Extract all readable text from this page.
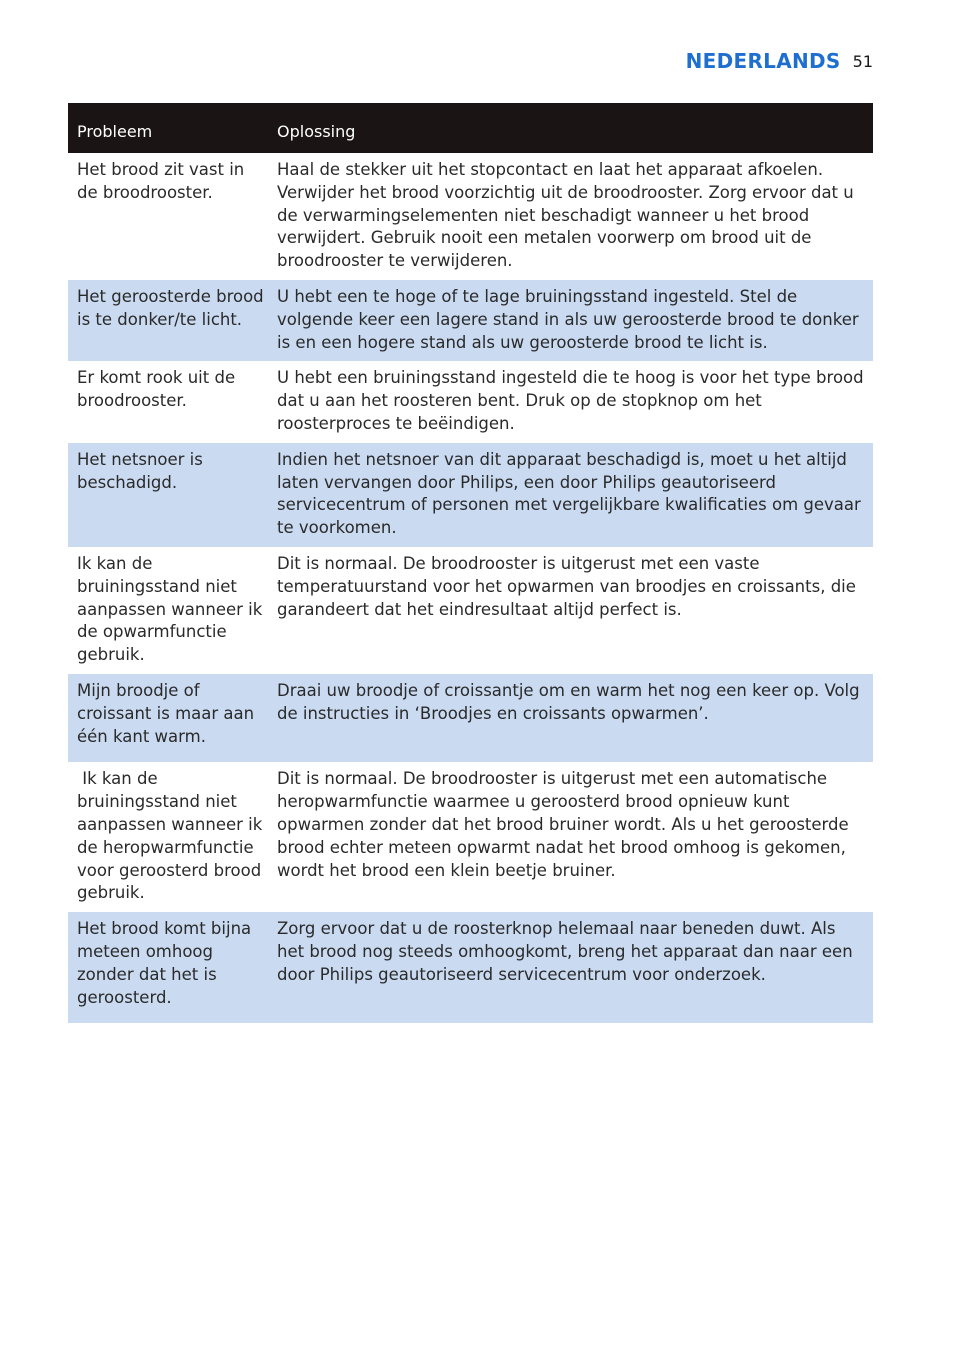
NEDERLANDS 51
Probleem	Oplossing
Het brood zit vast in de broodrooster.	Haal de stekker uit het stopcontact en laat het apparaat afkoelen. Verwijder het brood voorzichtig uit de broodrooster. Zorg ervoor dat u de verwarmingselementen niet beschadigt wanneer u het brood verwijdert. Gebruik nooit een metalen voorwerp om brood uit de broodrooster te verwijderen.
Het geroosterde brood is te donker/te licht.	U hebt een te hoge of te lage bruiningsstand ingesteld. Stel de volgende keer een lagere stand in als uw geroosterde brood te donker is en een hogere stand als uw geroosterde brood te licht is.
Er komt rook uit de broodrooster.	U hebt een bruiningsstand ingesteld die te hoog is voor het type brood dat u aan het roosteren bent. Druk op de stopknop om het roosterproces te beëindigen.
Het netsnoer is beschadigd.	Indien het netsnoer van dit apparaat beschadigd is, moet u het altijd laten vervangen door Philips, een door Philips geautoriseerd servicecentrum of personen met vergelijkbare kwalificaties om gevaar te voorkomen.
Ik kan de bruiningsstand niet aanpassen wanneer ik de opwarmfunctie gebruik.	Dit is normaal. De broodrooster is uitgerust met een vaste temperatuurstand voor het opwarmen van broodjes en croissants, die garandeert dat het eindresultaat altijd perfect is.
Mijn broodje of croissant is maar aan één kant warm.	Draai uw broodje of croissantje om en warm het nog een keer op. Volg de instructies in ‘Broodjes en croissants opwarmen’.
Ik kan de bruiningsstand niet aanpassen wanneer ik de heropwarmfunctie voor geroosterd brood gebruik.	Dit is normaal. De broodrooster is uitgerust met een automatische heropwarmfunctie waarmee u geroosterd brood opnieuw kunt opwarmen zonder dat het brood bruiner wordt. Als u het geroosterde brood echter meteen opwarmt nadat het brood omhoog is gekomen, wordt het brood een klein beetje bruiner.
Het brood komt bijna meteen omhoog zonder dat het is geroosterd.	Zorg ervoor dat u de roosterknop helemaal naar beneden duwt. Als het brood nog steeds omhoogkomt, breng het apparaat dan naar een door Philips geautoriseerd servicecentrum voor onderzoek.
